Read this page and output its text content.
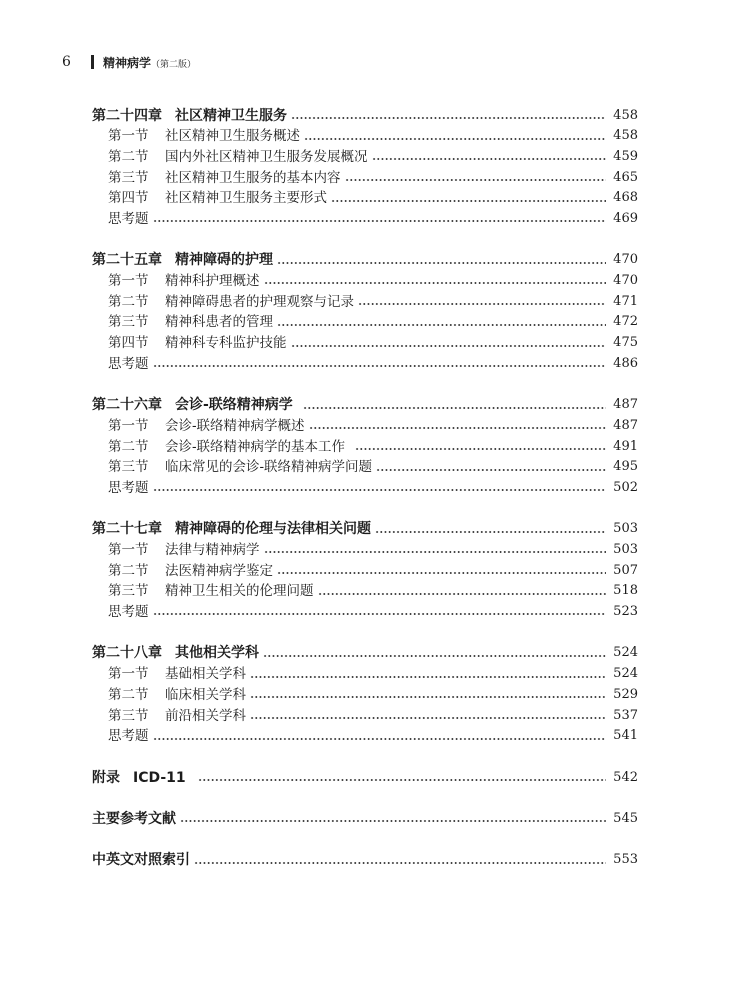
6	精神病学（第二版）
第二十四章 社区精神卫生服务	458
第一节	社区精神卫生服务概述	458
第二节	国内外社区精神卫生服务发展概况	459
第三节	社区精神卫生服务的基本内容	465
第四节	社区精神卫生服务主要形式	468
思考题	469
第二十五章 精神障碍的护理	470
第一节	精神科护理概述	470
第二节	精神障碍患者的护理观察与记录	471
第三节	精神科患者的管理	472
第四节	精神科专科监护技能	475
思考题	486
第二十六章 会诊-联络精神病学	487
第一节	会诊-联络精神病学概述	487
第二节	会诊-联络精神病学的基本工作	491
第三节	临床常见的会诊-联络精神病学问题	495
思考题	502
第二十七章 精神障碍的伦理与法律相关问题	503
第一节	法律与精神病学	503
第二节	法医精神病学鉴定	507
第三节	精神卫生相关的伦理问题	518
思考题	523
第二十八章 其他相关学科	524
第一节	基础相关学科	524
第二节	临床相关学科	529
第三节	前沿相关学科	537
思考题	541
附录 ICD-11	542
主要参考文献	545
中英文对照索引	553
